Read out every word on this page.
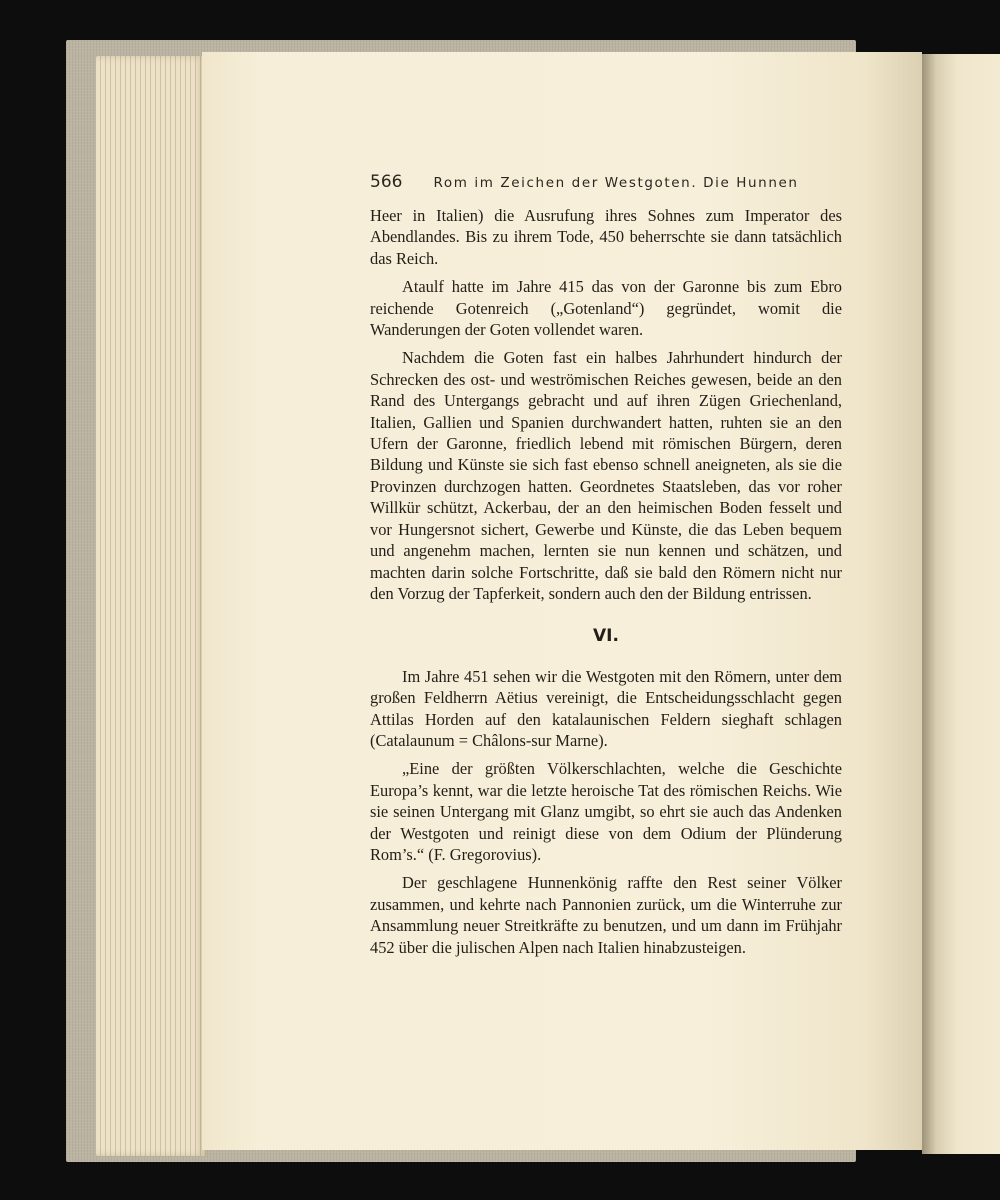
566 Rom im Zeichen der Westgoten. Die Hunnen

Heer in Italien) die Ausrufung ihres Sohnes zum Imperator des Abendlandes. Bis zu ihrem Tode, 450 beherrschte sie dann tatsächlich das Reich.

Ataulf hatte im Jahre 415 das von der Garonne bis zum Ebro reichende Gotenreich („Gotenland“) gegründet, womit die Wanderungen der Goten vollendet waren.

Nachdem die Goten fast ein halbes Jahrhundert hindurch der Schrecken des ost- und weströmischen Reiches gewesen, beide an den Rand des Untergangs gebracht und auf ihren Zügen Griechenland, Italien, Gallien und Spanien durchwandert hatten, ruhten sie an den Ufern der Garonne, friedlich lebend mit römischen Bürgern, deren Bildung und Künste sie sich fast ebenso schnell aneigneten, als sie die Provinzen durchzogen hatten. Geordnetes Staatsleben, das vor roher Willkür schützt, Ackerbau, der an den heimischen Boden fesselt und vor Hungersnot sichert, Gewerbe und Künste, die das Leben bequem und angenehm machen, lernten sie nun kennen und schätzen, und machten darin solche Fortschritte, daß sie bald den Römern nicht nur den Vorzug der Tapferkeit, sondern auch den der Bildung entrissen.

VI.

Im Jahre 451 sehen wir die Westgoten mit den Römern, unter dem großen Feldherrn Aëtius vereinigt, die Entscheidungsschlacht gegen Attilas Horden auf den katalaunischen Feldern sieghaft schlagen (Catalaunum = Châlons-sur Marne).

„Eine der größten Völkerschlachten, welche die Geschichte Europa’s kennt, war die letzte heroische Tat des römischen Reichs. Wie sie seinen Untergang mit Glanz umgibt, so ehrt sie auch das Andenken der Westgoten und reinigt diese von dem Odium der Plünderung Rom’s.“ (F. Gregorovius).

Der geschlagene Hunnenkönig raffte den Rest seiner Völker zusammen, und kehrte nach Pannonien zurück, um die Winterruhe zur Ansammlung neuer Streitkräfte zu benutzen, und um dann im Frühjahr 452 über die julischen Alpen nach Italien hinabzusteigen.
